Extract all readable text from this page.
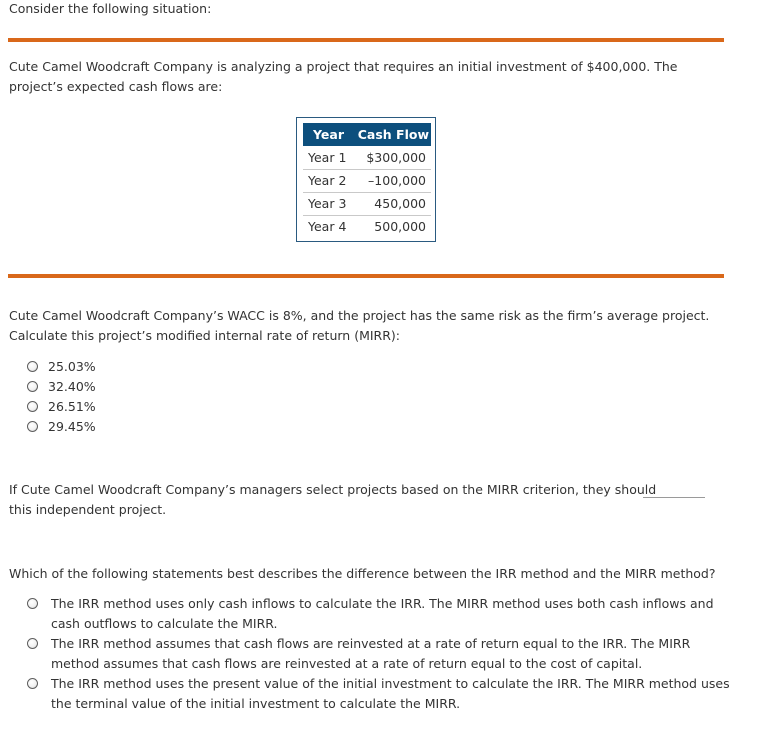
Consider the following situation:
Cute Camel Woodcraft Company is analyzing a project that requires an initial investment of $400,000. The project’s expected cash flows are:
Year Cash Flow
Year 1 $300,000
Year 2 –100,000
Year 3 450,000
Year 4 500,000
Cute Camel Woodcraft Company’s WACC is 8%, and the project has the same risk as the firm’s average project. Calculate this project’s modified internal rate of return (MIRR):
25.03%
32.40%
26.51%
29.45%
If Cute Camel Woodcraft Company’s managers select projects based on the MIRR criterion, they should
this independent project.
Which of the following statements best describes the difference between the IRR method and the MIRR method?
The IRR method uses only cash inflows to calculate the IRR. The MIRR method uses both cash inflows and cash outflows to calculate the MIRR.
The IRR method assumes that cash flows are reinvested at a rate of return equal to the IRR. The MIRR method assumes that cash flows are reinvested at a rate of return equal to the cost of capital.
The IRR method uses the present value of the initial investment to calculate the IRR. The MIRR method uses the terminal value of the initial investment to calculate the MIRR.
